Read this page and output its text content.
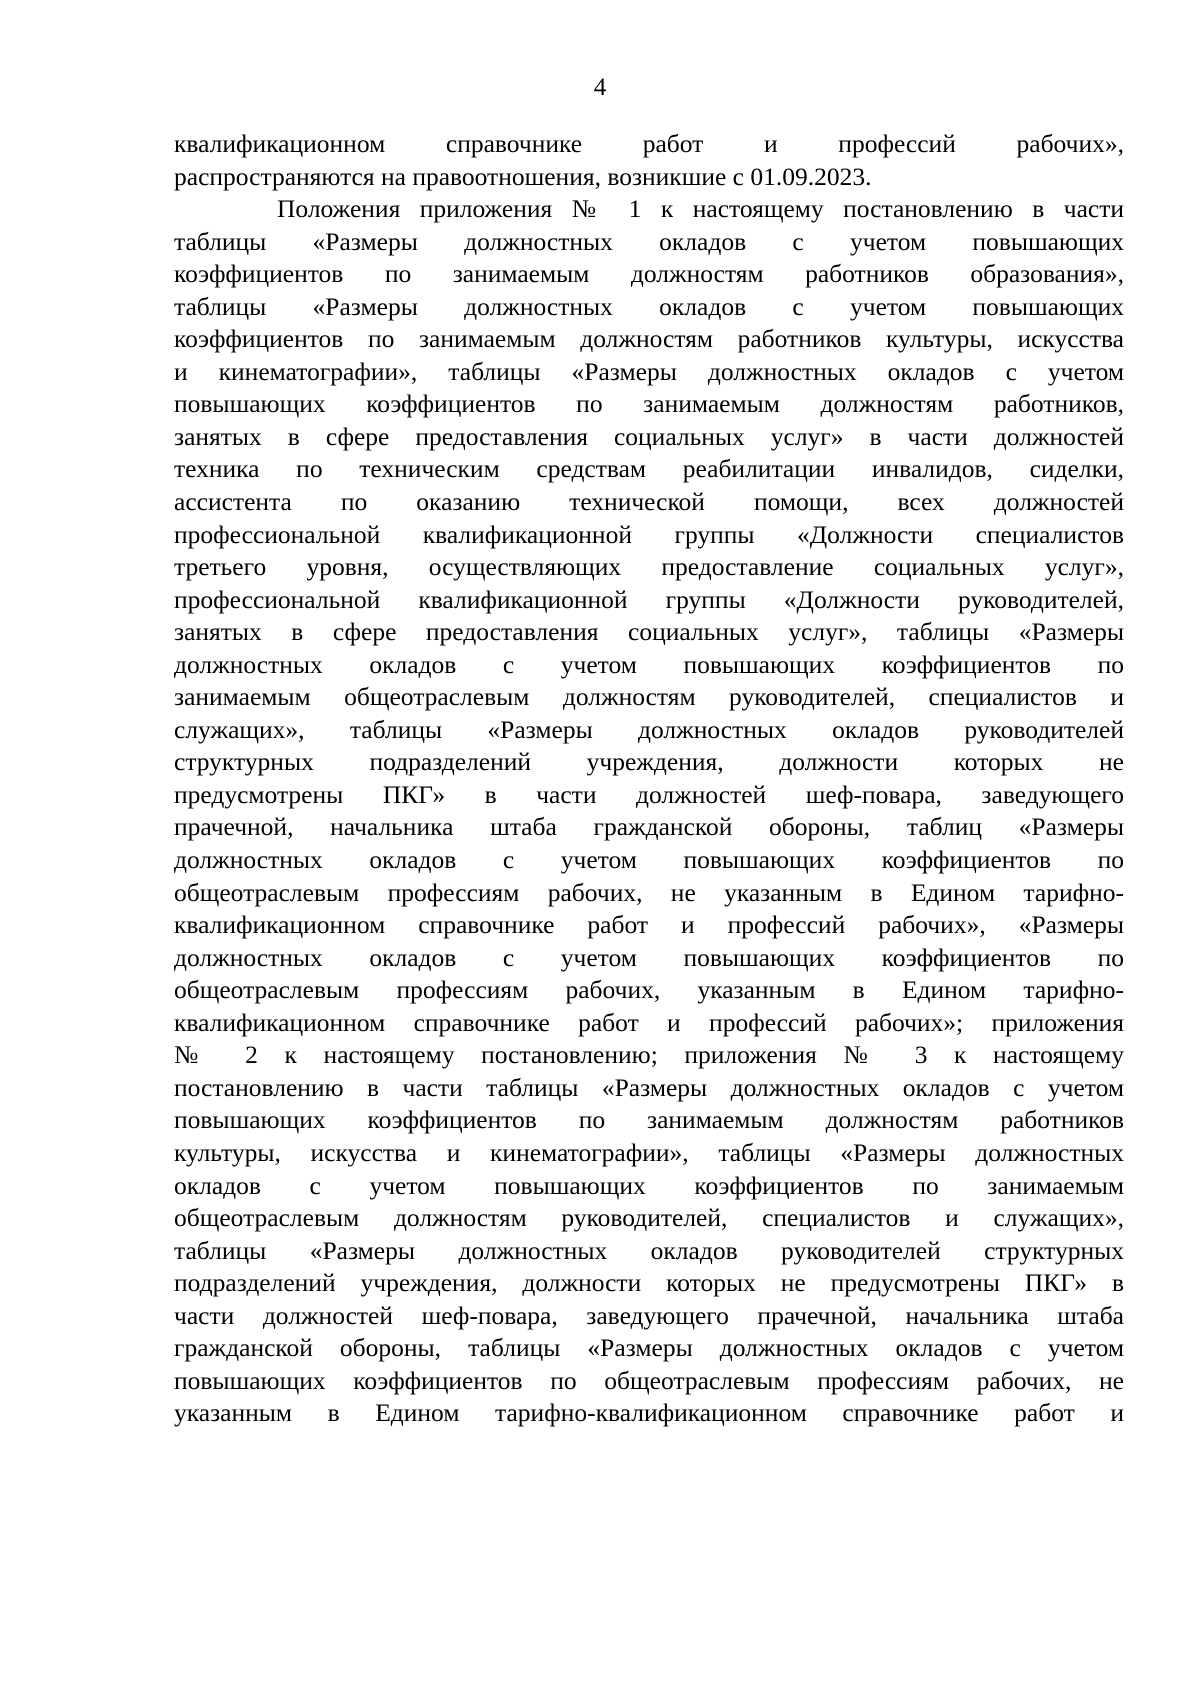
4
квалификационном справочнике работ и профессий рабочих»,
распространяются на правоотношения, возникшие с 01.09.2023.
Положения приложения № 1 к настоящему постановлению в части
таблицы «Размеры должностных окладов с учетом повышающих
коэффициентов по занимаемым должностям работников образования»,
таблицы «Размеры должностных окладов с учетом повышающих
коэффициентов по занимаемым должностям работников культуры, искусства
и кинематографии», таблицы «Размеры должностных окладов с учетом
повышающих коэффициентов по занимаемым должностям работников,
занятых в сфере предоставления социальных услуг» в части должностей
техника по техническим средствам реабилитации инвалидов, сиделки,
ассистента по оказанию технической помощи, всех должностей
профессиональной квалификационной группы «Должности специалистов
третьего уровня, осуществляющих предоставление социальных услуг»,
профессиональной квалификационной группы «Должности руководителей,
занятых в сфере предоставления социальных услуг», таблицы «Размеры
должностных окладов с учетом повышающих коэффициентов по
занимаемым общеотраслевым должностям руководителей, специалистов и
служащих», таблицы «Размеры должностных окладов руководителей
структурных подразделений учреждения, должности которых не
предусмотрены ПКГ» в части должностей шеф-повара, заведующего
прачечной, начальника штаба гражданской обороны, таблиц «Размеры
должностных окладов с учетом повышающих коэффициентов по
общеотраслевым профессиям рабочих, не указанным в Едином тарифно-
квалификационном справочнике работ и профессий рабочих», «Размеры
должностных окладов с учетом повышающих коэффициентов по
общеотраслевым профессиям рабочих, указанным в Едином тарифно-
квалификационном справочнике работ и профессий рабочих»; приложения
№ 2 к настоящему постановлению; приложения № 3 к настоящему
постановлению в части таблицы «Размеры должностных окладов с учетом
повышающих коэффициентов по занимаемым должностям работников
культуры, искусства и кинематографии», таблицы «Размеры должностных
окладов с учетом повышающих коэффициентов по занимаемым
общеотраслевым должностям руководителей, специалистов и служащих»,
таблицы «Размеры должностных окладов руководителей структурных
подразделений учреждения, должности которых не предусмотрены ПКГ» в
части должностей шеф-повара, заведующего прачечной, начальника штаба
гражданской обороны, таблицы «Размеры должностных окладов с учетом
повышающих коэффициентов по общеотраслевым профессиям рабочих, не
указанным в Едином тарифно-квалификационном справочнике работ и
